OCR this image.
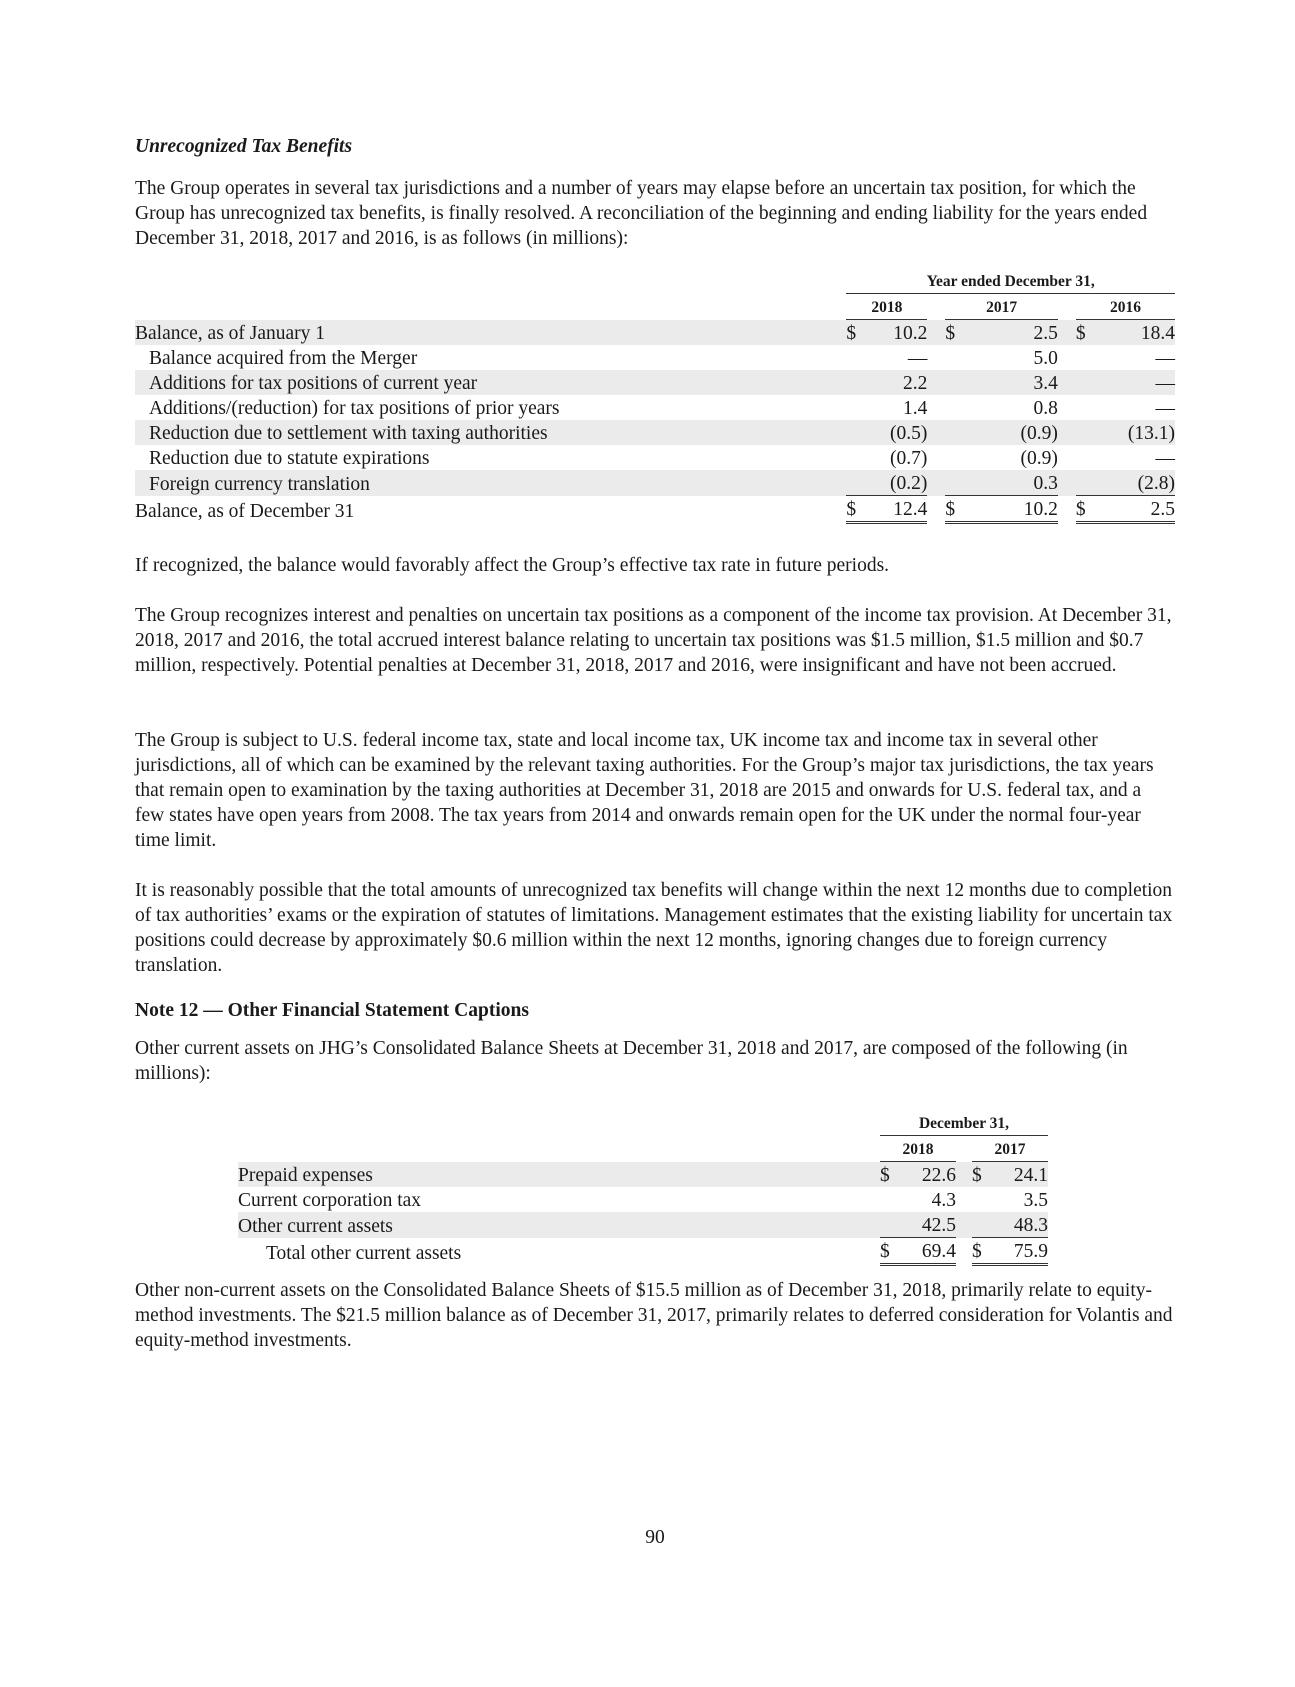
Unrecognized Tax Benefits

The Group operates in several tax jurisdictions and a number of years may elapse before an uncertain tax position, for which the Group has unrecognized tax benefits, is finally resolved. A reconciliation of the beginning and ending liability for the years ended December 31, 2018, 2017 and 2016, is as follows (in millions):

	Year ended December 31,							
	2018			2017			2016	
Balance, as of January 1	$	10.2		$	2.5		$	18.4
Balance acquired from the Merger		—			5.0			—
Additions for tax positions of current year		2.2			3.4			—
Additions/(reduction) for tax positions of prior years		1.4			0.8			—
Reduction due to settlement with taxing authorities		(0.5)			(0.9)			(13.1)
Reduction due to statute expirations		(0.7)			(0.9)			—
Foreign currency translation		(0.2)			0.3			(2.8)
Balance, as of December 31	$	12.4		$	10.2		$	2.5

If recognized, the balance would favorably affect the Group’s effective tax rate in future periods.

The Group recognizes interest and penalties on uncertain tax positions as a component of the income tax provision. At December 31, 2018, 2017 and 2016, the total accrued interest balance relating to uncertain tax positions was $1.5 million, $1.5 million and $0.7 million, respectively. Potential penalties at December 31, 2018, 2017 and 2016, were insignificant and have not been accrued.

The Group is subject to U.S. federal income tax, state and local income tax, UK income tax and income tax in several other jurisdictions, all of which can be examined by the relevant taxing authorities. For the Group’s major tax jurisdictions, the tax years that remain open to examination by the taxing authorities at December 31, 2018 are 2015 and onwards for U.S. federal tax, and a few states have open years from 2008. The tax years from 2014 and onwards remain open for the UK under the normal four-year time limit.

It is reasonably possible that the total amounts of unrecognized tax benefits will change within the next 12 months due to completion of tax authorities’ exams or the expiration of statutes of limitations. Management estimates that the existing liability for uncertain tax positions could decrease by approximately $0.6 million within the next 12 months, ignoring changes due to foreign currency translation.

Note 12 — Other Financial Statement Captions

Other current assets on JHG’s Consolidated Balance Sheets at December 31, 2018 and 2017, are composed of the following (in millions):

	December 31,					
	2018			2017		
Prepaid expenses	$	22.6		$	24.1	
Current corporation tax		4.3			3.5	
Other current assets		42.5			48.3	
Total other current assets	$	69.4		$	75.9	

Other non-current assets on the Consolidated Balance Sheets of $15.5 million as of December 31, 2018, primarily relate to equity-method investments. The $21.5 million balance as of December 31, 2017, primarily relates to deferred consideration for Volantis and equity-method investments.

90
